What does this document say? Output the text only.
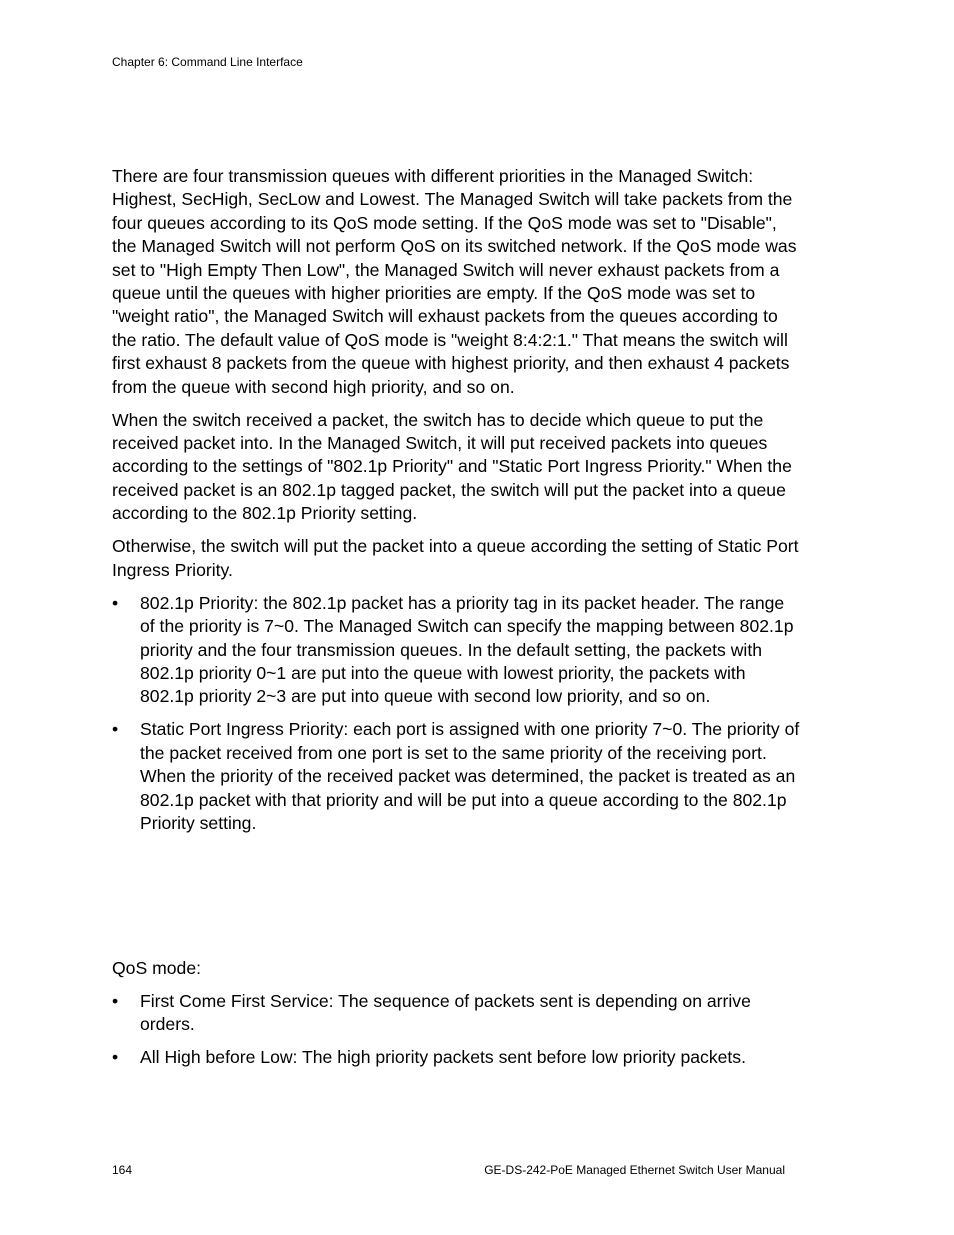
Chapter 6: Command Line Interface

There are four transmission queues with different priorities in the Managed Switch: Highest, SecHigh, SecLow and Lowest. The Managed Switch will take packets from the four queues according to its QoS mode setting. If the QoS mode was set to "Disable", the Managed Switch will not perform QoS on its switched network. If the QoS mode was set to "High Empty Then Low", the Managed Switch will never exhaust packets from a queue until the queues with higher priorities are empty. If the QoS mode was set to "weight ratio", the Managed Switch will exhaust packets from the queues according to the ratio. The default value of QoS mode is "weight 8:4:2:1." That means the switch will first exhaust 8 packets from the queue with highest priority, and then exhaust 4 packets from the queue with second high priority, and so on.

When the switch received a packet, the switch has to decide which queue to put the received packet into. In the Managed Switch, it will put received packets into queues according to the settings of "802.1p Priority" and "Static Port Ingress Priority." When the received packet is an 802.1p tagged packet, the switch will put the packet into a queue according to the 802.1p Priority setting.

Otherwise, the switch will put the packet into a queue according the setting of Static Port Ingress Priority.

•	802.1p Priority: the 802.1p packet has a priority tag in its packet header. The range of the priority is 7~0. The Managed Switch can specify the mapping between 802.1p priority and the four transmission queues. In the default setting, the packets with 802.1p priority 0~1 are put into the queue with lowest priority, the packets with 802.1p priority 2~3 are put into queue with second low priority, and so on.
•	Static Port Ingress Priority: each port is assigned with one priority 7~0. The priority of the packet received from one port is set to the same priority of the receiving port. When the priority of the received packet was determined, the packet is treated as an 802.1p packet with that priority and will be put into a queue according to the 802.1p Priority setting.

QoS mode:

•	First Come First Service: The sequence of packets sent is depending on arrive orders.
•	All High before Low: The high priority packets sent before low priority packets.
164	GE-DS-242-PoE Managed Ethernet Switch User Manual
